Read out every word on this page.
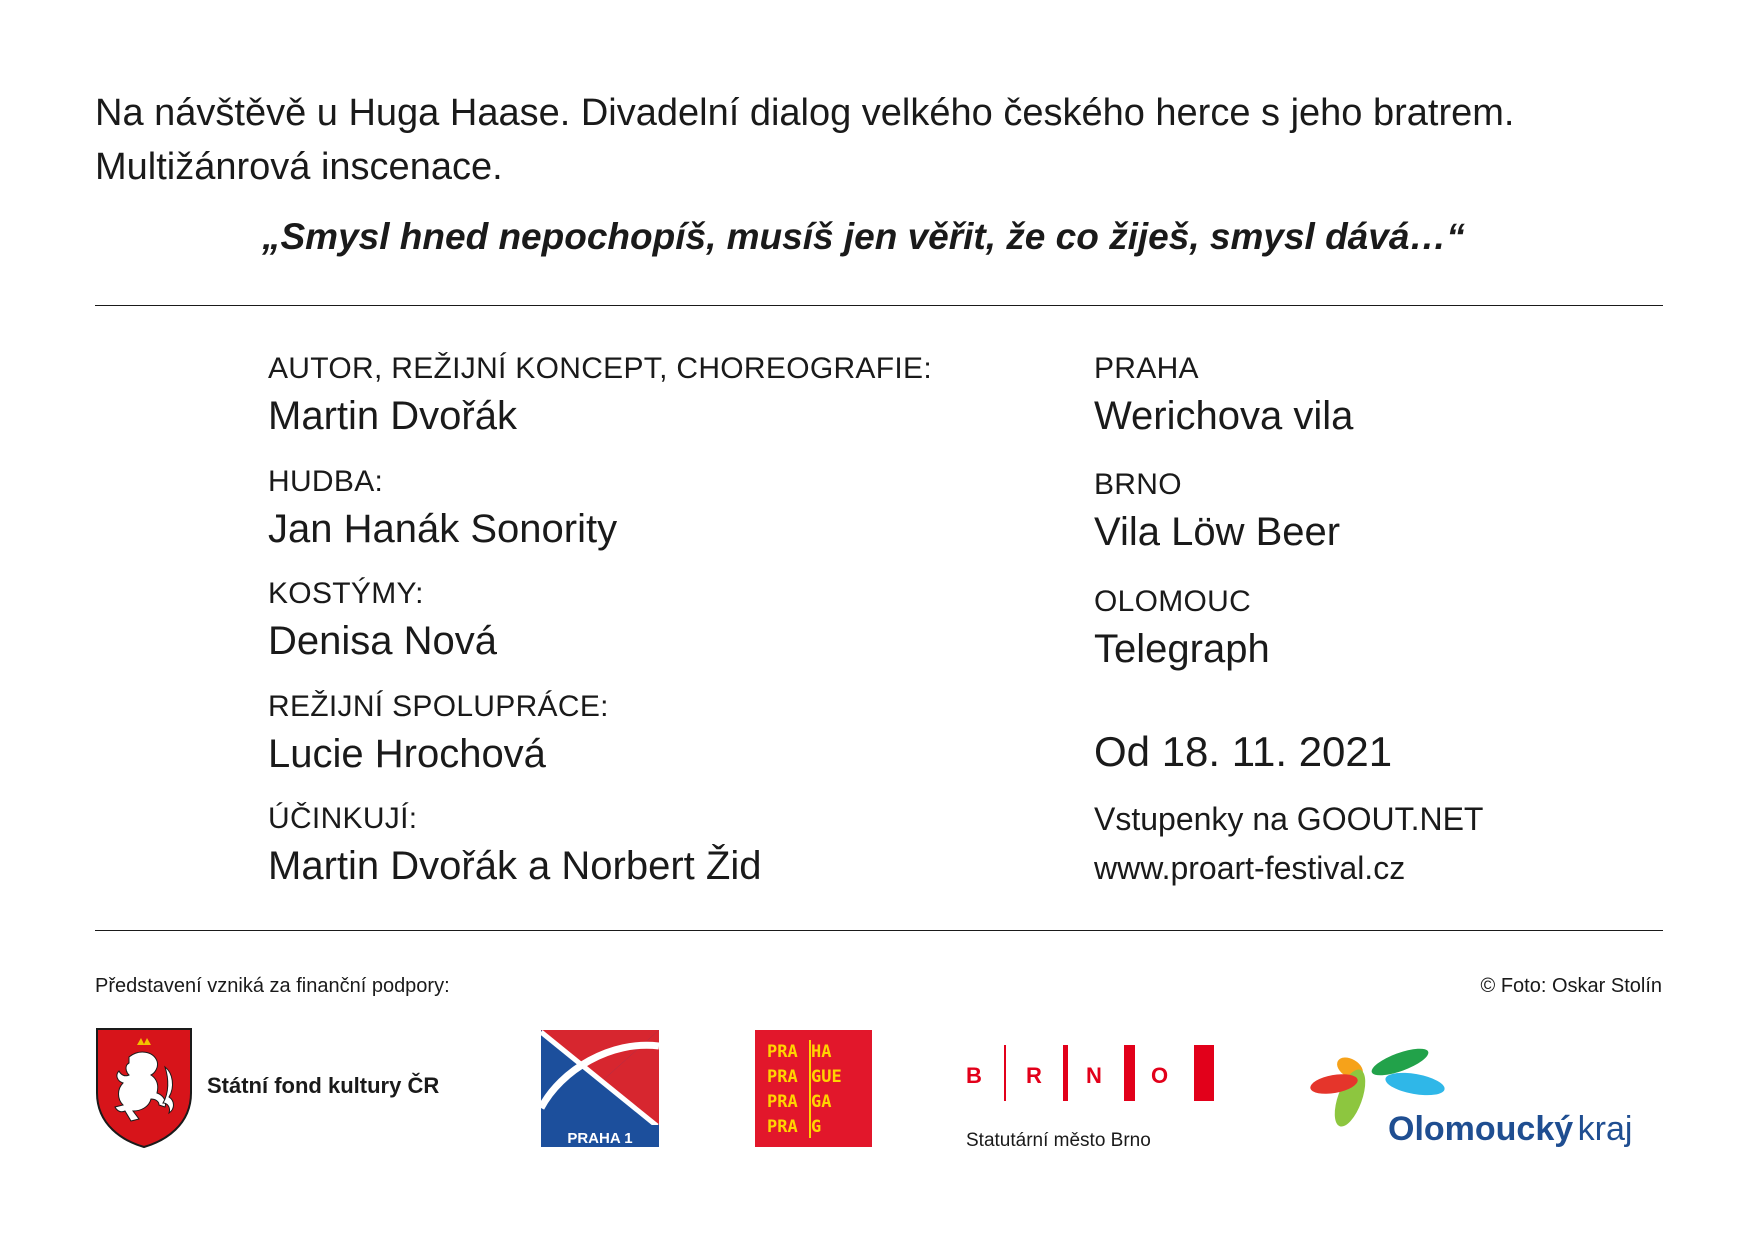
Na návštěvě u Huga Haase. Divadelní dialog velkého českého herce s jeho bratrem.
Multižánrová inscenace.
„Smysl hned nepochopíš, musíš jen věřit, že co žiješ, smysl dává…“
AUTOR, REŽIJNÍ KONCEPT, CHOREOGRAFIE:
Martin Dvořák
HUDBA:
Jan Hanák Sonority
KOSTÝMY:
Denisa Nová
REŽIJNÍ SPOLUPRÁCE:
Lucie Hrochová
ÚČINKUJÍ:
Martin Dvořák a Norbert Žid
PRAHA
Werichova vila
BRNO
Vila Löw Beer
OLOMOUC
Telegraph
Od 18. 11. 2021
Vstupenky na GOOUT.NET
www.proart-festival.cz
Představení vzniká za finanční podpory:	© Foto: Oskar Stolín
Státní fond kultury ČR
PRAHA 1
PRA HA
PRA GUE
PRA GA
PRA G
B R N O
Statutární město Brno	Olomoucký kraj
